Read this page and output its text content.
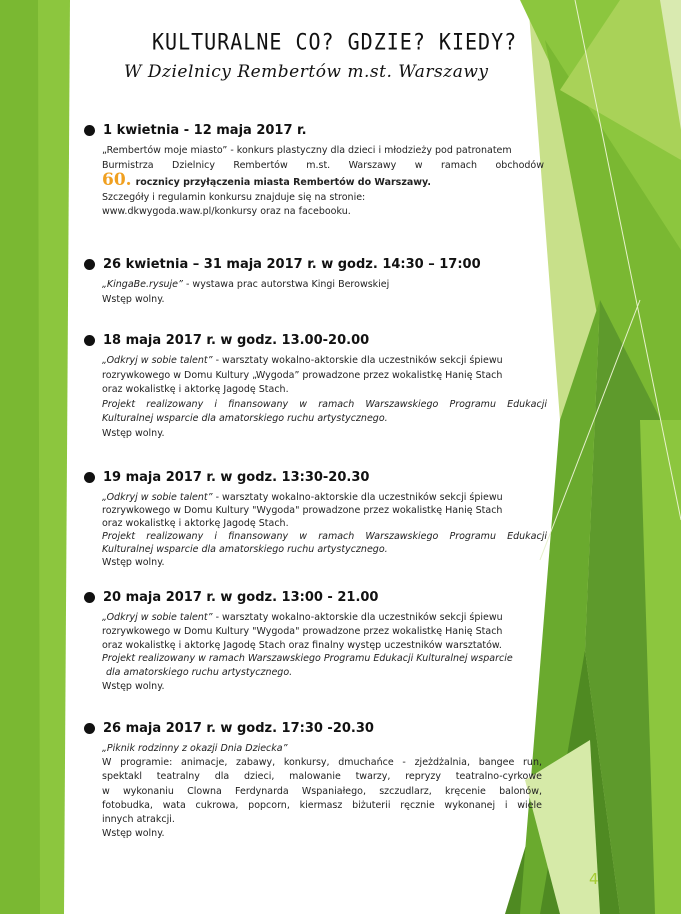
KULTURALNE CO? GDZIE? KIEDY?
W Dzielnicy Rembertów m.st. Warszawy
1 kwietnia - 12 maja 2017 r.

„Rembertów moje miasto” - konkurs plastyczny dla dzieci i młodzieży pod patronatem

Burmistrza Dzielnicy Rembertów m.st. Warszawy w ramach obchodów

60. rocznicy przyłączenia miasta Rembertów do Warszawy.

Szczegóły i regulamin konkursu znajduje się na stronie:

www.dkwygoda.waw.pl/konkursy oraz na facebooku.

26 kwietnia – 31 maja 2017 r. w godz. 14:30 – 17:00

„KingaBe.rysuje” - wystawa prac autorstwa Kingi Berowskiej

Wstęp wolny.

18 maja 2017 r. w godz. 13.00-20.00

„Odkryj w sobie talent” - warsztaty wokalno-aktorskie dla uczestników sekcji śpiewu

rozrywkowego w Domu Kultury „Wygoda” prowadzone przez wokalistkę Hanię Stach

oraz wokalistkę i aktorkę Jagodę Stach.

Projekt realizowany i finansowany w ramach Warszawskiego Programu Edukacji

Kulturalnej wsparcie dla amatorskiego ruchu artystycznego.

Wstęp wolny.

19 maja 2017 r. w godz. 13:30-20.30

„Odkryj w sobie talent” - warsztaty wokalno-aktorskie dla uczestników sekcji śpiewu

rozrywkowego w Domu Kultury "Wygoda" prowadzone przez wokalistkę Hanię Stach

oraz wokalistkę i aktorkę Jagodę Stach.

Projekt realizowany i finansowany w ramach Warszawskiego Programu Edukacji

Kulturalnej wsparcie dla amatorskiego ruchu artystycznego.

Wstęp wolny.

20 maja 2017 r. w godz. 13:00 - 21.00

„Odkryj w sobie talent” - warsztaty wokalno-aktorskie dla uczestników sekcji śpiewu

rozrywkowego w Domu Kultury "Wygoda" prowadzone przez wokalistkę Hanię Stach

oraz wokalistkę i aktorkę Jagodę Stach oraz finalny występ uczestników warsztatów.

Projekt realizowany w ramach Warszawskiego Programu Edukacji Kulturalnej wsparcie

dla amatorskiego ruchu artystycznego.

Wstęp wolny.

26 maja 2017 r. w godz. 17:30 -20.30

„Piknik rodzinny z okazji Dnia Dziecka”

W programie: animacje, zabawy, konkursy, dmuchańce - zjeżdżalnia, bangee run,

spektakl teatralny dla dzieci, malowanie twarzy, repryzy teatralno-cyrkowe

w wykonaniu Clowna Ferdynarda Wspaniałego, szczudlarz, kręcenie balonów,

fotobudka, wata cukrowa, popcorn, kiermasz biżuterii ręcznie wykonanej i wiele

innych atrakcji.

Wstęp wolny.

4
